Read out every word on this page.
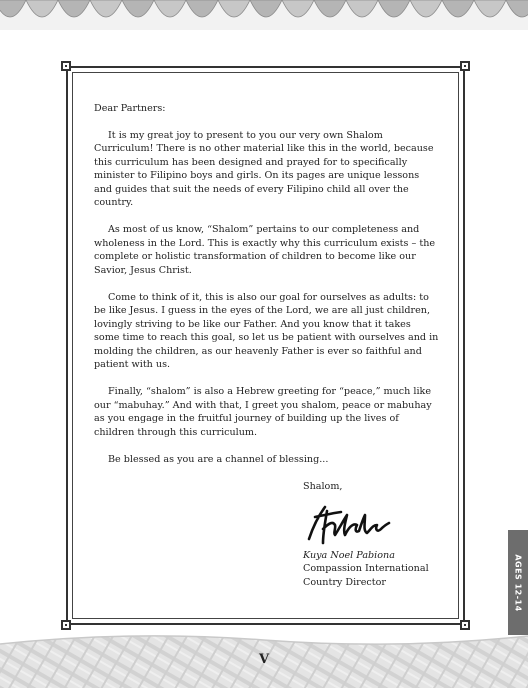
Dear Partners:

It is my great joy to present to you our very own Shalom Curriculum! There is no other material like this in the world, because this curriculum has been designed and prayed for to specifically minister to Filipino boys and girls. On its pages are unique lessons and guides that suit the needs of every Filipino child all over the country.

As most of us know, “Shalom” pertains to our completeness and wholeness in the Lord. This is exactly why this curriculum exists – the complete or holistic transformation of children to become like our Savior, Jesus Christ.

Come to think of it, this is also our goal for ourselves as adults: to be like Jesus. I guess in the eyes of the Lord, we are all just children, lovingly striving to be like our Father. And you know that it takes some time to reach this goal, so let us be patient with ourselves and in molding the children, as our heavenly Father is ever so faithful and patient with us.

Finally, “shalom” is also a Hebrew greeting for “peace,” much like our “mabuhay.” And with that, I greet you shalom, peace or mabuhay as you engage in the fruitful journey of building up the lives of children through this curriculum.

Be blessed as you are a channel of blessing...

Shalom,
Kuya Noel Pabiona
Compassion International
Country Director	AGES 12-14
V
